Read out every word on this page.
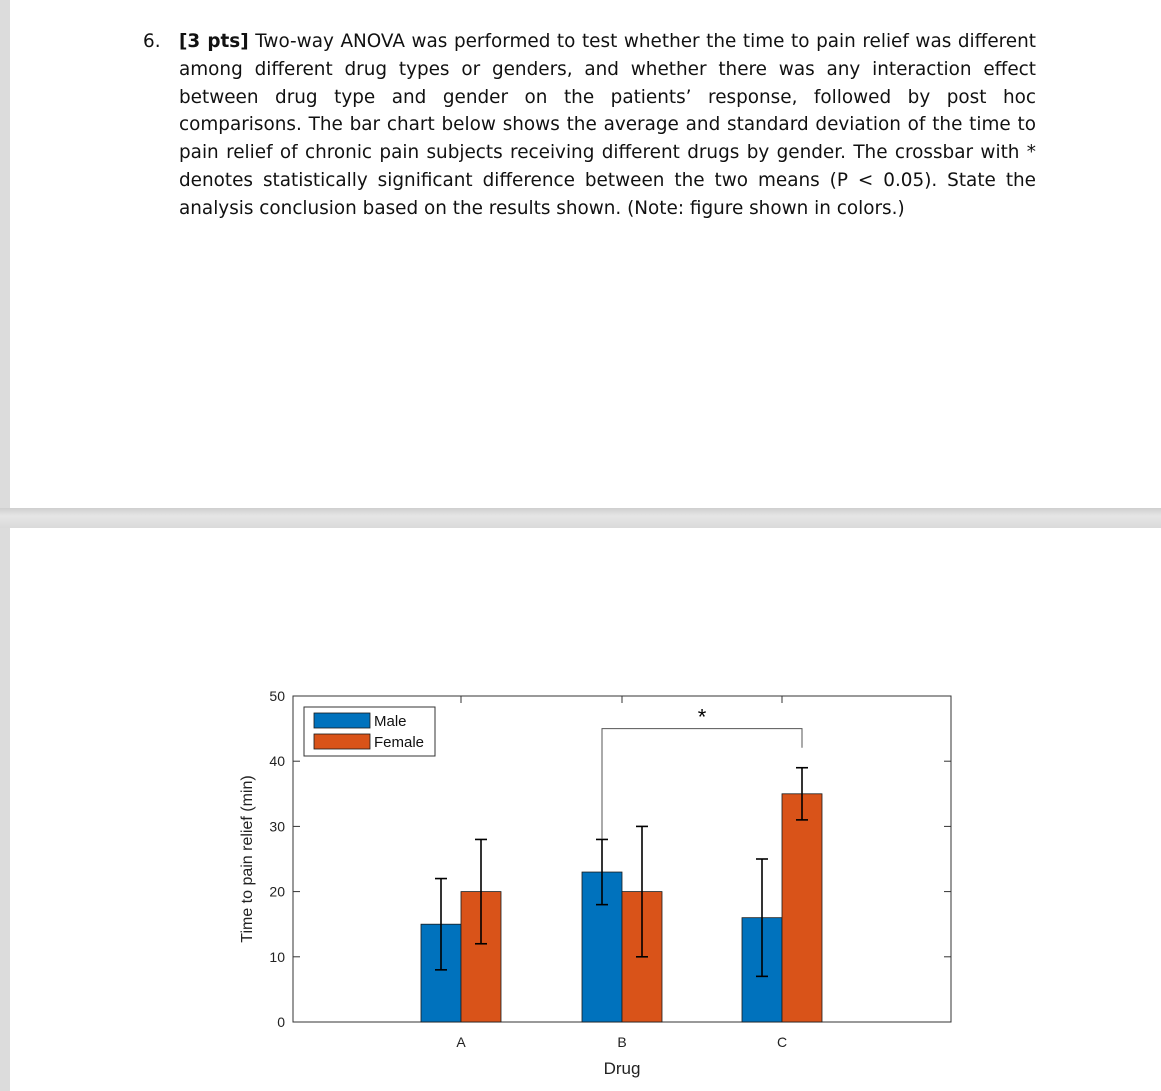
6. [3 pts] Two-way ANOVA was performed to test whether the time to pain relief was different among different drug types or genders, and whether there was any interaction effect between drug type and gender on the patients’ response, followed by post hoc comparisons. The bar chart below shows the average and standard deviation of the time to pain relief of chronic pain subjects receiving different drugs by gender. The crossbar with * denotes statistically significant difference between the two means (P < 0.05). State the analysis conclusion based on the results shown. (Note: figure shown in colors.)
0
10
20
30
40
50
A	B	C
*
Male
Female
Drug
Time to pain relief (min)
